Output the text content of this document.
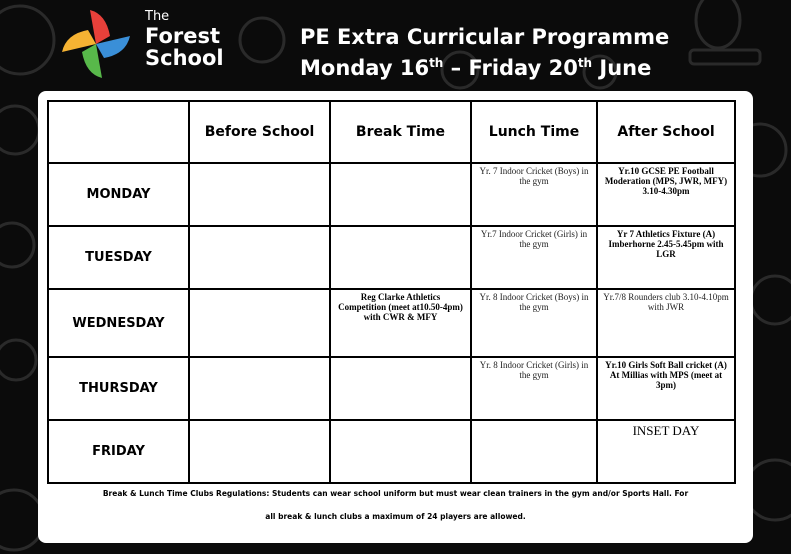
The
Forest
School
PE Extra Curricular Programme
Monday 16th – Friday 20th June
	Before School	Break Time	Lunch Time	After School
MONDAY			Yr. 7 Indoor Cricket (Boys) in the gym	Yr.10 GCSE PE Football Moderation (MPS, JWR, MFY) 3.10-4.30pm
TUESDAY			Yr.7 Indoor Cricket (Girls) in the gym	Yr 7 Athletics Fixture (A) Imberhorne 2.45-5.45pm with LGR
WEDNESDAY		Reg Clarke Athletics Competition (meet at10.50-4pm) with CWR & MFY	Yr. 8 Indoor Cricket (Boys) in the gym	Yr.7/8 Rounders club 3.10-4.10pm with JWR
THURSDAY			Yr. 8 Indoor Cricket (Girls) in the gym	Yr.10 Girls Soft Ball cricket (A) At Millias with MPS (meet at 3pm)
FRIDAY				INSET DAY
Break & Lunch Time Clubs Regulations: Students can wear school uniform but must wear clean trainers in the gym and/or Sports Hall. For
all break & lunch clubs a maximum of 24 players are allowed.
